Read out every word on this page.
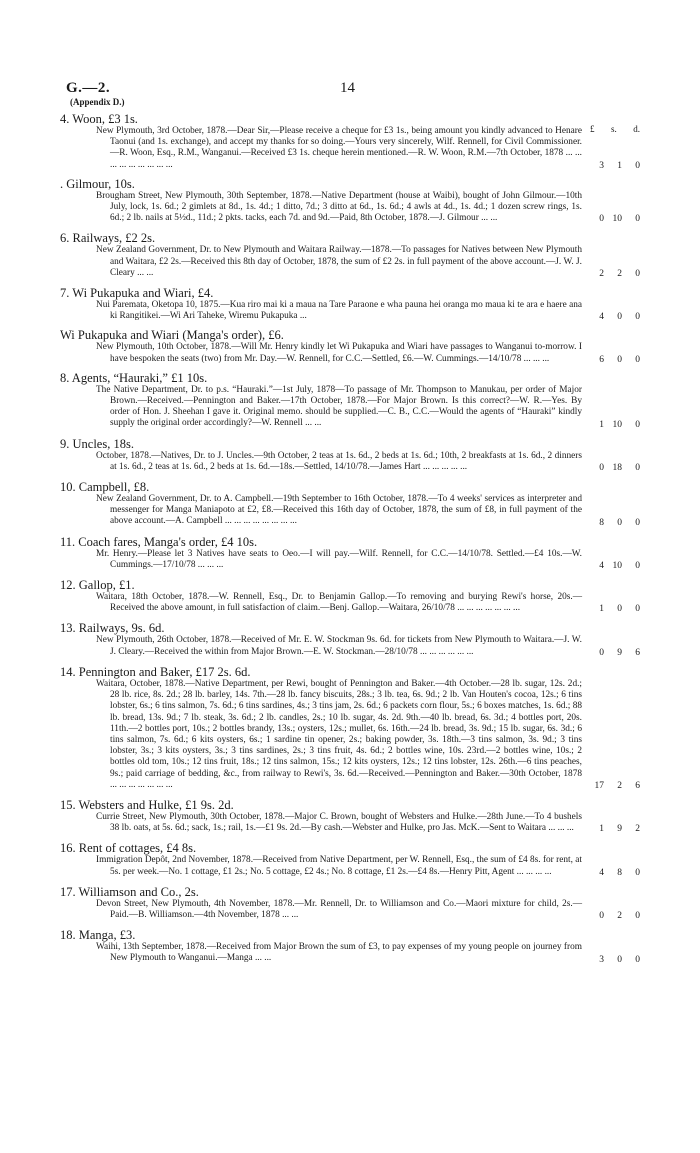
G.—2.
(Appendix D.)
14
£ s. d.
4. Woon, £3 1s.
New Plymouth, 3rd October, 1878.—Dear Sir,—Please receive a cheque for £3 1s., being amount you kindly advanced to Henare Taonui (and 1s. exchange), and accept my thanks for so doing.—Yours very sincerely, Wilf. Rennell, for Civil Commissioner.—R. Woon, Esq., R.M., Wanganui.—Received £3 1s. cheque herein mentioned.—R. W. Woon, R.M.—7th October, 1878 ... ... ... ... ... ... ... ... ...	3	1	0
. Gilmour, 10s.
Brougham Street, New Plymouth, 30th September, 1878.—Native Department (house at Waibi), bought of John Gilmour.—10th July, lock, 1s. 6d.; 2 gimlets at 8d., 1s. 4d.; 1 ditto, 7d.; 3 ditto at 6d., 1s. 6d.; 4 awls at 4d., 1s. 4d.; 1 dozen screw rings, 1s. 6d.; 2 lb. nails at 5½d., 11d.; 2 pkts. tacks, each 7d. and 9d.—Paid, 8th October, 1878.—J. Gilmour ... ...	0 10	0
6. Railways, £2 2s.
New Zealand Government, Dr. to New Plymouth and Waitara Railway.—1878.—To passages for Natives between New Plymouth and Waitara, £2 2s.—Received this 8th day of October, 1878, the sum of £2 2s. in full payment of the above account.—J. W. J. Cleary ... ...	2	2	0
7. Wi Pukapuka and Wiari, £4.
Nui Paremata, Oketopa 10, 1875.—Kua riro mai ki a maua na Tare Paraone e wha pauna hei oranga mo maua ki te ara e haere ana ki Rangitikei.—Wi Ari Taheke, Wiremu Pukapuka ...	4	0	0
Wi Pukapuka and Wiari (Manga's order), £6.
New Plymouth, 10th October, 1878.—Will Mr. Henry kindly let Wi Pukapuka and Wiari have passages to Wanganui to-morrow. I have bespoken the seats (two) from Mr. Day.—W. Rennell, for C.C.—Settled, £6.—W. Cummings.—14/10/78 ... ... ...	6	0	0
8. Agents, “Hauraki,” £1 10s.
The Native Department, Dr. to p.s. “Hauraki.”—1st July, 1878—To passage of Mr. Thompson to Manukau, per order of Major Brown.—Received.—Pennington and Baker.—17th October, 1878.—For Major Brown. Is this correct?—W. R.—Yes. By order of Hon. J. Sheehan I gave it. Original memo. should be supplied.—C. B., C.C.—Would the agents of “Hauraki” kindly supply the original order accordingly?—W. Rennell ... ...	1 10	0
9. Uncles, 18s.
October, 1878.—Natives, Dr. to J. Uncles.—9th October, 2 teas at 1s. 6d., 2 beds at 1s. 6d.; 10th, 2 breakfasts at 1s. 6d., 2 dinners at 1s. 6d., 2 teas at 1s. 6d., 2 beds at 1s. 6d.—18s.—Settled, 14/10/78.—James Hart ... ... ... ... ...	0 18	0
10. Campbell, £8.
New Zealand Government, Dr. to A. Campbell.—19th September to 16th October, 1878.—To 4 weeks' services as interpreter and messenger for Manga Maniapoto at £2, £8.—Received this 16th day of October, 1878, the sum of £8, in full payment of the above account.—A. Campbell ... ... ... ... ... ... ... ...	8	0	0
11. Coach fares, Manga's order, £4 10s.
Mr. Henry.—Please let 3 Natives have seats to Oeo.—I will pay.—Wilf. Rennell, for C.C.—14/10/78. Settled.—£4 10s.—W. Cummings.—17/10/78 ... ... ...	4 10	0
12. Gallop, £1.
Waitara, 18th October, 1878.—W. Rennell, Esq., Dr. to Benjamin Gallop.—To removing and burying Rewi's horse, 20s.—Received the above amount, in full satisfaction of claim.—Benj. Gallop.—Waitara, 26/10/78 ... ... ... ... ... ... ...	1	0	0
13. Railways, 9s. 6d.
New Plymouth, 26th October, 1878.—Received of Mr. E. W. Stockman 9s. 6d. for tickets from New Plymouth to Waitara.—J. W. J. Cleary.—Received the within from Major Brown.—E. W. Stockman.—28/10/78 ... ... ... ... ... ...	0	9	6
14. Pennington and Baker, £17 2s. 6d.
Waitara, October, 1878.—Native Department, per Rewi, bought of Pennington and Baker.—4th October.—28 lb. sugar, 12s. 2d.; 28 lb. rice, 8s. 2d.; 28 lb. barley, 14s. 7th.—28 lb. fancy biscuits, 28s.; 3 lb. tea, 6s. 9d.; 2 lb. Van Houten's cocoa, 12s.; 6 tins lobster, 6s.; 6 tins salmon, 7s. 6d.; 6 tins sardines, 4s.; 3 tins jam, 2s. 6d.; 6 packets corn flour, 5s.; 6 boxes matches, 1s. 6d.; 88 lb. bread, 13s. 9d.; 7 lb. steak, 3s. 6d.; 2 lb. candles, 2s.; 10 lb. sugar, 4s. 2d. 9th.—40 lb. bread, 6s. 3d.; 4 bottles port, 20s. 11th.—2 bottles port, 10s.; 2 bottles brandy, 13s.; oysters, 12s.; mullet, 6s. 16th.—24 lb. bread, 3s. 9d.; 15 lb. sugar, 6s. 3d.; 6 tins salmon, 7s. 6d.; 6 kits oysters, 6s.; 1 sardine tin opener, 2s.; baking powder, 3s. 18th.—3 tins salmon, 3s. 9d.; 3 tins lobster, 3s.; 3 kits oysters, 3s.; 3 tins sardines, 2s.; 3 tins fruit, 4s. 6d.; 2 bottles wine, 10s. 23rd.—2 bottles wine, 10s.; 2 bottles old tom, 10s.; 12 tins fruit, 18s.; 12 tins salmon, 15s.; 12 kits oysters, 12s.; 12 tins lobster, 12s. 26th.—6 tins peaches, 9s.; paid carriage of bedding, &c., from railway to Rewi's, 3s. 6d.—Received.—Pennington and Baker.—30th October, 1878 ... ... ... ... ... ... ...	17	2	6
15. Websters and Hulke, £1 9s. 2d.
Currie Street, New Plymouth, 30th October, 1878.—Major C. Brown, bought of Websters and Hulke.—28th June.—To 4 bushels 38 lb. oats, at 5s. 6d.; sack, 1s.; rail, 1s.—£1 9s. 2d.—By cash.—Webster and Hulke, pro Jas. McK.—Sent to Waitara ... ... ...	1	9	2
16. Rent of cottages, £4 8s.
Immigration Depôt, 2nd November, 1878.—Received from Native Department, per W. Rennell, Esq., the sum of £4 8s. for rent, at 5s. per week.—No. 1 cottage, £1 2s.; No. 5 cottage, £2 4s.; No. 8 cottage, £1 2s.—£4 8s.—Henry Pitt, Agent ... ... ... ...	4	8	0
17. Williamson and Co., 2s.
Devon Street, New Plymouth, 4th November, 1878.—Mr. Rennell, Dr. to Williamson and Co.—Maori mixture for child, 2s.—Paid.—B. Williamson.—4th November, 1878 ... ...	0	2	0
18. Manga, £3.
Waihi, 13th September, 1878.—Received from Major Brown the sum of £3, to pay expenses of my young people on journey from New Plymouth to Wanganui.—Manga ... ...	3	0	0
